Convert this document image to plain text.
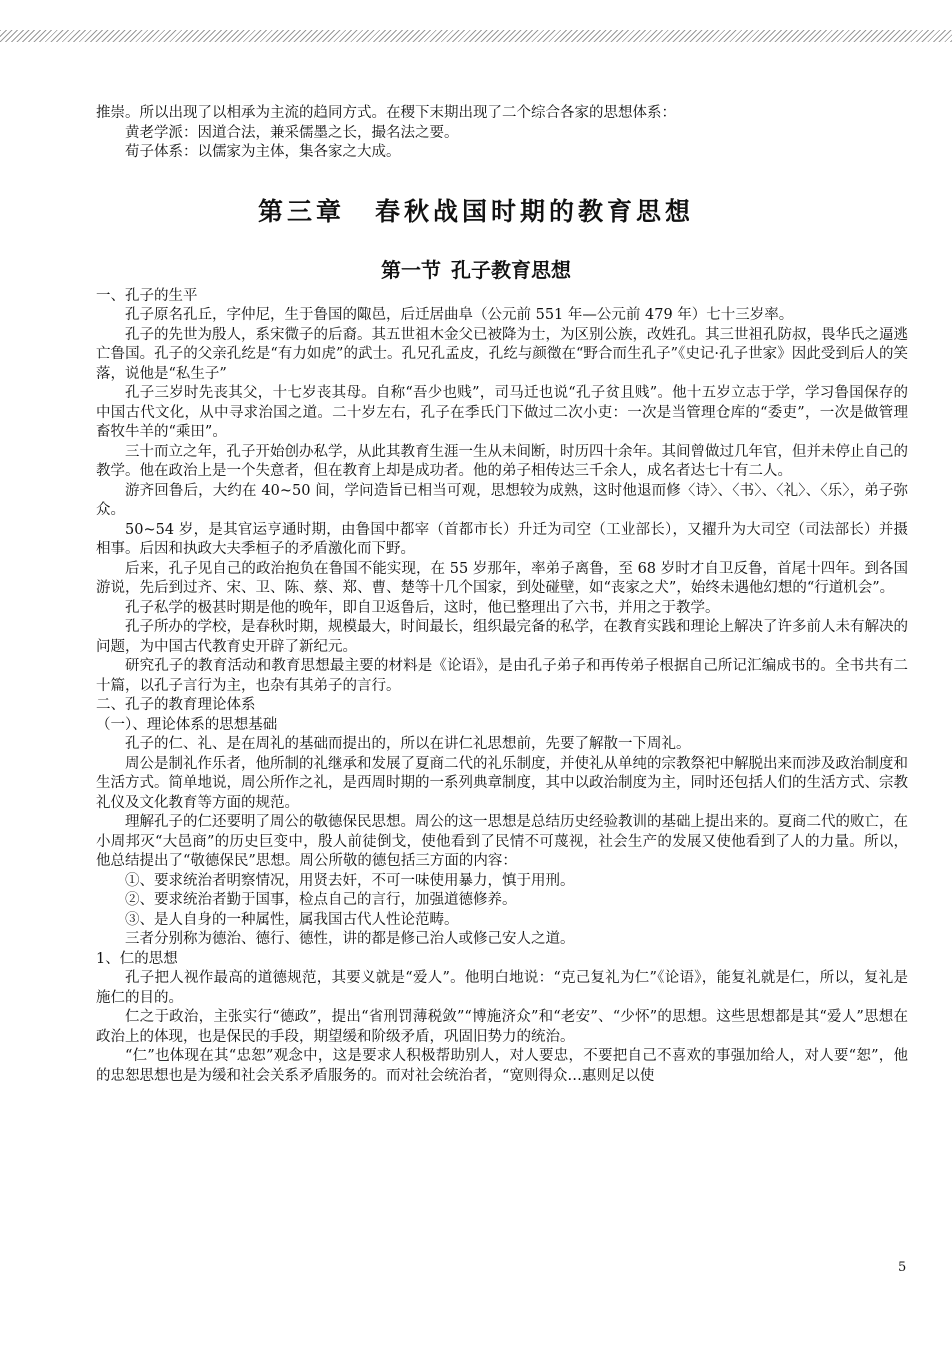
推崇。所以出现了以相承为主流的趋同方式。在稷下末期出现了二个综合各家的思想体系：

黄老学派：因道合法，兼采儒墨之长，撮名法之要。

荀子体系：以儒家为主体，集各家之大成。

第三章 春秋战国时期的教育思想
第一节 孔子教育思想

一、孔子的生平

孔子原名孔丘，字仲尼，生于鲁国的陬邑，后迁居曲阜（公元前 551 年—公元前 479 年）七十三岁率。

孔子的先世为殷人，系宋微子的后裔。其五世祖木金父已被降为士，为区别公族，改姓孔。其三世祖孔防叔，畏华氏之逼逃亡鲁国。孔子的父亲孔纥是“有力如虎”的武士。孔兄孔孟皮，孔纥与颜徵在“野合而生孔子”《史记·孔子世家》因此受到后人的笑落，说他是“私生子”

孔子三岁时先丧其父，十七岁丧其母。自称“吾少也贱”，司马迁也说“孔子贫且贱”。他十五岁立志于学，学习鲁国保存的中国古代文化，从中寻求治国之道。二十岁左右，孔子在季氏门下做过二次小吏：一次是当管理仓库的“委吏”，一次是做管理畜牧牛羊的“乘田”。

三十而立之年，孔子开始创办私学，从此其教育生涯一生从未间断，时历四十余年。其间曾做过几年官，但并未停止自己的教学。他在政治上是一个失意者，但在教育上却是成功者。他的弟子相传达三千余人，成名者达七十有二人。

游齐回鲁后，大约在 40~50 间，学问造旨已相当可观，思想较为成熟，这时他退而修〈诗〉、〈书〉、〈礼〉、〈乐〉，弟子弥众。

50~54 岁，是其官运亨通时期，由鲁国中都宰（首都市长）升迁为司空（工业部长），又擢升为大司空（司法部长）并摄相事。后因和执政大夫季桓子的矛盾激化而下野。

后来，孔子见自己的政治抱负在鲁国不能实现，在 55 岁那年，率弟子离鲁，至 68 岁时才自卫反鲁，首尾十四年。到各国游说，先后到过齐、宋、卫、陈、蔡、郑、曹、楚等十几个国家，到处碰壁，如“丧家之犬”，始终未遇他幻想的“行道机会”。

孔子私学的极甚时期是他的晚年，即自卫返鲁后，这时，他已整理出了六书，并用之于教学。

孔子所办的学校，是春秋时期，规模最大，时间最长，组织最完备的私学，在教育实践和理论上解决了许多前人未有解决的问题，为中国古代教育史开辟了新纪元。

研究孔子的教育活动和教育思想最主要的材料是《论语》，是由孔子弟子和再传弟子根据自己所记汇编成书的。全书共有二十篇，以孔子言行为主，也杂有其弟子的言行。

二、孔子的教育理论体系

（一）、理论体系的思想基础

孔子的仁、礼、是在周礼的基础而提出的，所以在讲仁礼思想前，先要了解散一下周礼。

周公是制礼作乐者，他所制的礼继承和发展了夏商二代的礼乐制度，并使礼从单纯的宗教祭祀中解脱出来而涉及政治制度和生活方式。简单地说，周公所作之礼，是西周时期的一系列典章制度，其中以政治制度为主，同时还包括人们的生活方式、宗教礼仪及文化教育等方面的规范。

理解孔子的仁还要明了周公的敬德保民思想。周公的这一思想是总结历史经验教训的基础上提出来的。夏商二代的败亡，在小周邦灭“大邑商”的历史巨变中，殷人前徒倒戈，使他看到了民情不可蔑视，社会生产的发展又使他看到了人的力量。所以，他总结提出了“敬德保民”思想。周公所敬的德包括三方面的内容：

①、要求统治者明察情况，用贤去奸，不可一味使用暴力，慎于用刑。

②、要求统治者勤于国事，检点自己的言行，加强道德修养。

③、是人自身的一种属性，属我国古代人性论范畴。

三者分别称为德治、德行、德性，讲的都是修己治人或修己安人之道。

1、仁的思想

孔子把人视作最高的道德规范，其要义就是“爱人”。他明白地说：“克己复礼为仁”《论语》，能复礼就是仁，所以，复礼是施仁的目的。

仁之于政治，主张实行“德政”，提出“省刑罚薄税敛”“博施济众”和“老安”、“少怀”的思想。这些思想都是其“爱人”思想在政治上的体现，也是保民的手段，期望缓和阶级矛盾，巩固旧势力的统治。

“仁”也体现在其“忠恕”观念中，这是要求人积极帮助别人，对人要忠，不要把自己不喜欢的事强加给人，对人要“恕”，他的忠恕思想也是为缓和社会关系矛盾服务的。而对社会统治者，“宽则得众…惠则足以使

5
